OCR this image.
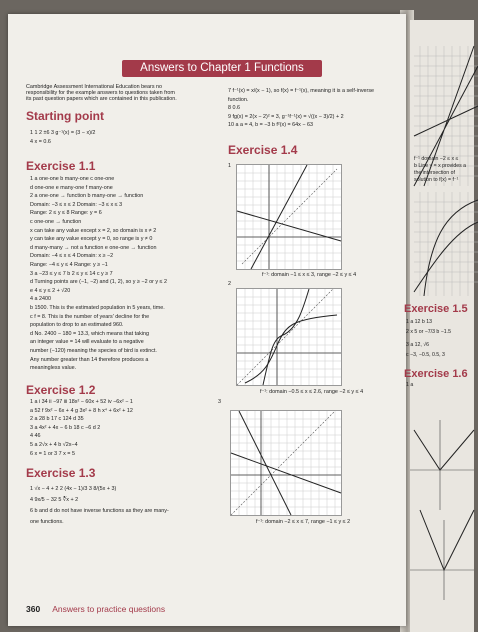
Answers to Chapter 1 Functions
Cambridge Assessment International Education bears no
responsibility for the example answers to questions taken from
its past question papers which are contained in this publication.
Starting point
1 1 2 ±6 3 g⁻¹(x) = (3 − x)/2
4 x = 0.6
Exercise 1.1
1 a one-one b many-one c one-one
d one-one e many-one f many-one
2 a one-one → function b many-one → function
Domain: −3 ≤ x ≤ 2 Domain: −3 ≤ x ≤ 3
Range: 2 ≤ y ≤ 8 Range: y = 6
c one-one → function
x can take any value except x = 2, so domain is x ≠ 2
y can take any value except y = 0, so range is y ≠ 0
d many-many → not a function e one-one → function
Domain: −4 ≤ x ≤ 4 Domain: x ≥ −2
Range: −4 ≤ y ≤ 4 Range: y ≥ −1
3 a −23 ≤ y ≤ 7 b 2 ≤ y ≤ 14 c y ≥ 7
d Turning points are (−1, −2) and (1, 2), so y ≥ −2 or y ≤ 2
e 4 ≤ y ≤ 2 + √20
4 a 2400
b 1500. This is the estimated population in 5 years, time.
c f = 8. This is the number of years' decline for the
population to drop to an estimated 960.
d No. 2400 − 180 = 13.3, which means that taking
an integer value = 14 will evaluate to a negative
number (−120) meaning the species of bird is extinct.
Any number greater than 14 therefore produces a
meaningless value.
Exercise 1.2
1 a i 34 ii −97 iii 18x² − 60x + 52 iv −6x² − 1
a 52 f 9x² − 6x + 4 g 3x² + 8 h x⁴ + 6x² + 12
2 a 28 b 17 c 124 d 35
3 a 4x² + 4x − 6 b 18 c −6 d 2
4 46
5 a 2√x + 4 b √2x−4
6 x = 1 or 3 7 x = 5
Exercise 1.3
1 √x − 4 + 2 2 (4x − 1)/3 3 8/(5x + 3)
4 9x/5 − 32 5 ∛x + 2
6 b and d do not have inverse functions as they are many-
one functions.
7 f⁻¹(x) = x/(x − 1), so f(x) = f⁻¹(x), meaning it is a self-inverse
function.
8 0.6
9 fg(x) = 2(x − 2)² = 3, g⁻¹f⁻¹(x) = √((x − 3)/2) + 2
10 a a = 4, b = −3 b f²(x) = 64x − 63
Exercise 1.4
1
f⁻¹: domain −1 ≤ x ≤ 3, range −2 ≤ y ≤ 4
2
f⁻¹: domain −0.5 ≤ x ≤ 2.6, range −2 ≤ y ≤ 4
3
f⁻¹: domain −2 ≤ x ≤ 7, range −1 ≤ y ≤ 2
360 Answers to practice questions
f⁻¹ domain −2 ≤ x ≤
b Line y = x provides a
the intersection of
solution to f(x) = f⁻¹
Exercise 1.5
1 a 12 b 13
2 x 5 or −7/3 b −1.5
3 a 12, √6
c −3, −0.5, 0.5, 3
Exercise 1.6
1 a
